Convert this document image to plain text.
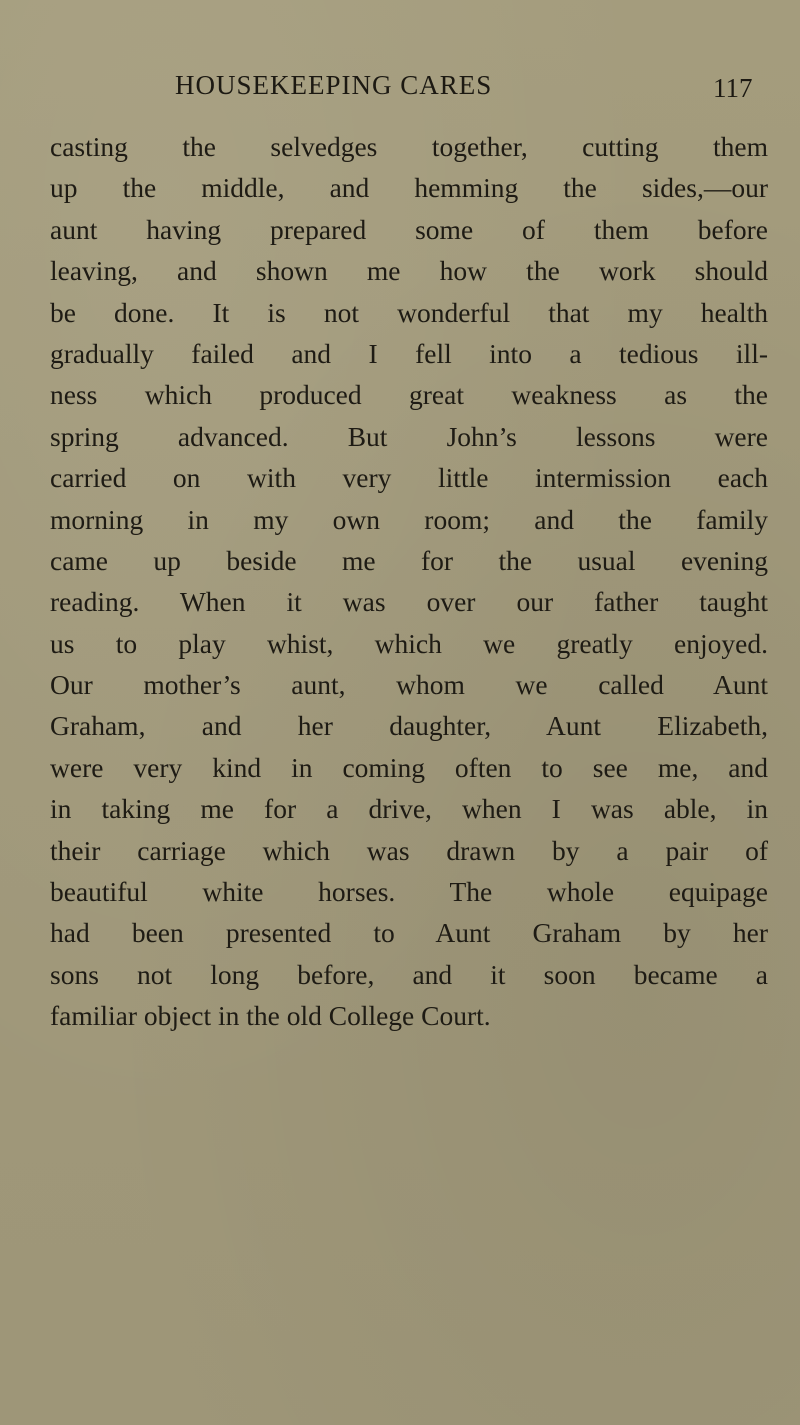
HOUSEKEEPING CARES	117
casting the selvedges together, cutting them
up the middle, and hemming the sides,—our
aunt having prepared some of them before
leaving, and shown me how the work should
be done. It is not wonderful that my health
gradually failed and I fell into a tedious ill-
ness which produced great weakness as the
spring advanced. But John’s lessons were
carried on with very little intermission each
morning in my own room; and the family
came up beside me for the usual evening
reading. When it was over our father taught
us to play whist, which we greatly enjoyed.
Our mother’s aunt, whom we called Aunt
Graham, and her daughter, Aunt Elizabeth,
were very kind in coming often to see me, and
in taking me for a drive, when I was able, in
their carriage which was drawn by a pair of
beautiful white horses. The whole equipage
had been presented to Aunt Graham by her
sons not long before, and it soon became a
familiar object in the old College Court.
